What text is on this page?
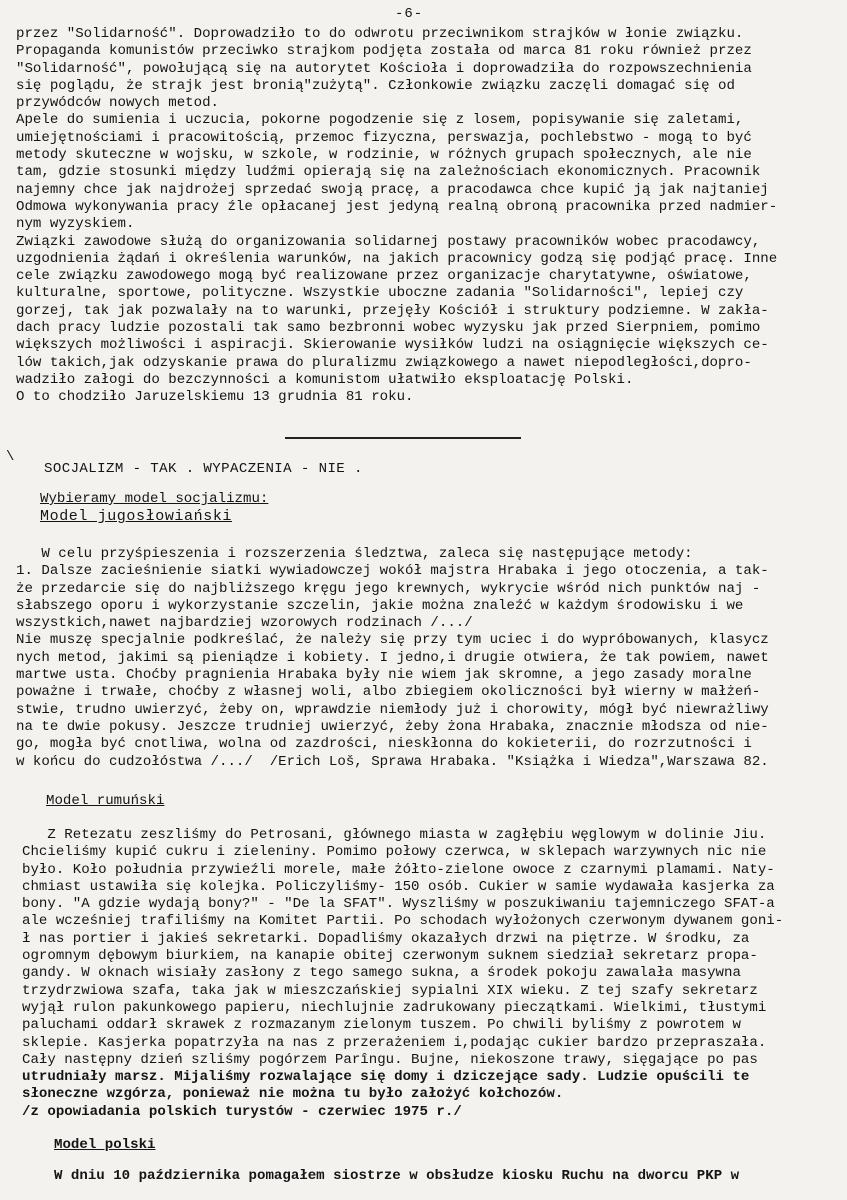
-6-
przez "Solidarność". Doprowadziło to do odwrotu przeciwnikom strajków w łonie związku.
Propaganda komunistów przeciwko strajkom podjęta została od marca 81 roku również przez
"Solidarność", powołującą się na autorytet Kościoła i doprowadziła do rozpowszechnienia
się poglądu, że strajk jest bronią"zużytą". Członkowie związku zaczęli domagać się od
przywódców nowych metod.
Apele do sumienia i uczucia, pokorne pogodzenie się z losem, popisywanie się zaletami,
umiejętnościami i pracowitością, przemoc fizyczna, perswazja, pochlebstwo - mogą to być
metody skuteczne w wojsku, w szkole, w rodzinie, w różnych grupach społecznych, ale nie
tam, gdzie stosunki między ludźmi opierają się na zależnościach ekonomicznych. Pracownik
najemny chce jak najdrożej sprzedać swoją pracę, a pracodawca chce kupić ją jak najtaniej
Odmowa wykonywania pracy źle opłacanej jest jedyną realną obroną pracownika przed nadmier-
nym wyzyskiem.
Związki zawodowe służą do organizowania solidarnej postawy pracowników wobec pracodawcy,
uzgodnienia żądań i określenia warunków, na jakich pracownicy godzą się podjąć pracę. Inne
cele związku zawodowego mogą być realizowane przez organizacje charytatywne, oświatowe,
kulturalne, sportowe, polityczne. Wszystkie uboczne zadania "Solidarności", lepiej czy
gorzej, tak jak pozwalały na to warunki, przejęły Kościół i struktury podziemne. W zakła-
dach pracy ludzie pozostali tak samo bezbronni wobec wyzysku jak przed Sierpniem, pomimo
większych możliwości i aspiracji. Skierowanie wysiłków ludzi na osiągnięcie większych ce-
lów takich,jak odzyskanie prawa do pluralizmu związkowego a nawet niepodległości,dopro-
wadziło załogi do bezczynności a komunistom ułatwiło eksploatację Polski.
O to chodziło Jaruzelskiemu 13 grudnia 81 roku.
\
SOCJALIZM - TAK . WYPACZENIA - NIE .
Wybieramy model socjalizmu:
Model jugosłowiański
W celu przyśpieszenia i rozszerzenia śledztwa, zaleca się następujące metody:
1. Dalsze zacieśnienie siatki wywiadowczej wokół majstra Hrabaka i jego otoczenia, a tak-
że przedarcie się do najbliższego kręgu jego krewnych, wykrycie wśród nich punktów naj -
słabszego oporu i wykorzystanie szczelin, jakie można znaleźć w każdym środowisku i we
wszystkich,nawet najbardziej wzorowych rodzinach /.../
Nie muszę specjalnie podkreślać, że należy się przy tym uciec i do wypróbowanych, klasycz
nych metod, jakimi są pieniądze i kobiety. I jedno,i drugie otwiera, że tak powiem, nawet
martwe usta. Choćby pragnienia Hrabaka były nie wiem jak skromne, a jego zasady moralne
poważne i trwałe, choćby z własnej woli, albo zbiegiem okoliczności był wierny w małżeń-
stwie, trudno uwierzyć, żeby on, wprawdzie niemłody już i chorowity, mógł być niewrażliwy
na te dwie pokusy. Jeszcze trudniej uwierzyć, żeby żona Hrabaka, znacznie młodsza od nie-
go, mogła być cnotliwa, wolna od zazdrości, nieskłonna do kokieterii, do rozrzutności i
w końcu do cudzołóstwa /.../  /Erich Loš, Sprawa Hrabaka. "Książka i Wiedza",Warszawa 82.
Model rumuński
Z Retezatu zeszliśmy do Petrosani, głównego miasta w zagłębiu węglowym w dolinie Jiu.
Chcieliśmy kupić cukru i zieleniny. Pomimo połowy czerwca, w sklepach warzywnych nic nie
było. Koło południa przywieźli morele, małe żółto-zielone owoce z czarnymi plamami. Naty-
chmiast ustawiła się kolejka. Policzyliśmy- 150 osób. Cukier w samie wydawała kasjerka za
bony. "A gdzie wydają bony?" - "De la SFAT". Wyszliśmy w poszukiwaniu tajemniczego SFAT-a
ale wcześniej trafiliśmy na Komitet Partii. Po schodach wyłożonych czerwonym dywanem goni-
ł nas portier i jakieś sekretarki. Dopadliśmy okazałych drzwi na piętrze. W środku, za
ogromnym dębowym biurkiem, na kanapie obitej czerwonym suknem siedział sekretarz propa-
gandy. W oknach wisiały zasłony z tego samego sukna, a środek pokoju zawalała masywna
trzydrzwiowa szafa, taka jak w mieszczańskiej sypialni XIX wieku. Z tej szafy sekretarz
wyjął rulon pakunkowego papieru, niechlujnie zadrukowany pieczątkami. Wielkimi, tłustymi
paluchami oddarł skrawek z rozmazanym zielonym tuszem. Po chwili byliśmy z powrotem w
sklepie. Kasjerka popatrzyła na nas z przerażeniem i,podając cukier bardzo przepraszała.
Cały następny dzień szliśmy pogórzem Parîngu. Bujne, niekoszone trawy, sięgające po pas
utrudniały marsz. Mijaliśmy rozwalające się domy i dziczejące sady. Ludzie opuścili te
słoneczne wzgórza, ponieważ nie można tu było założyć kołchozów.
/z opowiadania polskich turystów - czerwiec 1975 r./
Model polski
W dniu 10 października pomagałem siostrze w obsłudze kiosku Ruchu na dworcu PKP w
